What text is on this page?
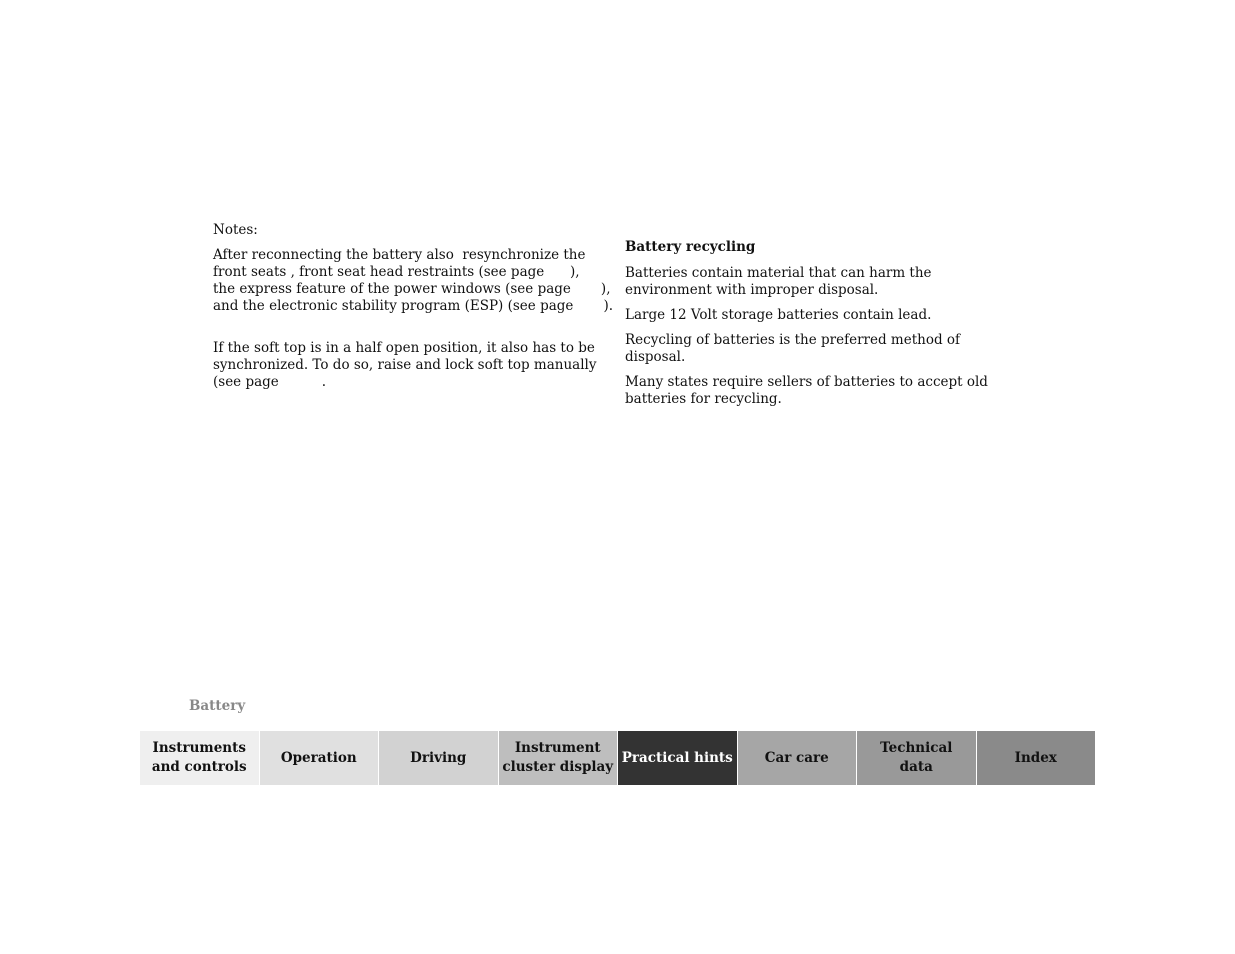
Notes:

After reconnecting the battery also  resynchronize the
front seats , front seat head restraints (see page      ),
the express feature of the power windows (see page       ),
and the electronic stability program (ESP) (see page       ).

If the soft top is in a half open position, it also has to be
synchronized. To do so, raise and lock soft top manually
(see page          .

Battery recycling

Batteries contain material that can harm the
environment with improper disposal.

Large 12 Volt storage batteries contain lead.

Recycling of batteries is the preferred method of
disposal.

Many states require sellers of batteries to accept old
batteries for recycling.

Battery
Instruments
and controls
Operation	Driving
Instrument
cluster display
Practical hints Car care
Technical
data
Index
